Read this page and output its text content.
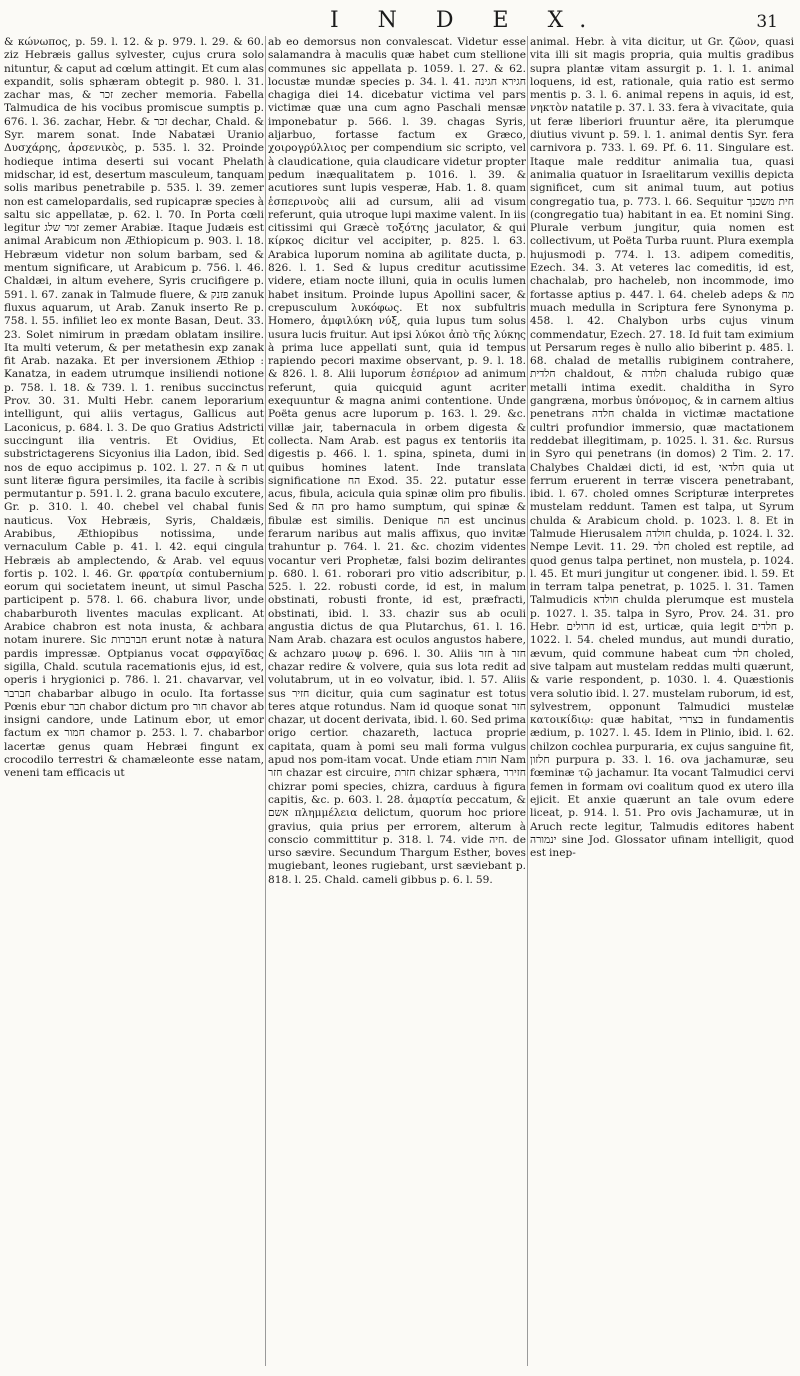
I N D E X.	31

& κώνωπος, p. 59. l. 12. & p. 979. l. 29. & 60. ziz Hebræis gallus sylvester, cujus crura solo nituntur, & caput ad cœlum attingit. Et cum alas expandit, solis sphæram obtegit p. 980. l. 31. zachar mas, & זכר zecher memoria. Fabella Talmudica de his vocibus promiscue sumptis p. 676. l. 36. zachar, Hebr. & זכר dechar, Chald. & Syr. marem sonat. Inde Nabatæi Uranio Δυσχάρης, ἀρσενικὸς, p. 535. l. 32. Proinde hodieque intima deserti sui vocant Phelath midschar, id est, desertum masculeum, tanquam solis maribus penetrabile p. 535. l. 39. zemer non est camelopardalis, sed rupicapræ species à saltu sic appellatæ, p. 62. l. 70. In Porta cœli legitur זמר שלג zemer Arabiæ. Itaque Judæis est animal Arabicum non Æthiopicum p. 903. l. 18. Hebræum videtur non solum barbam, sed & mentum significare, ut Arabicum p. 756. l. 46. Chaldæi, in altum evehere, Syris crucifigere p. 591. l. 67. zanak in Talmude fluere, & פזנק zanuk fluxus aquarum, ut Arab. Zanuk inserto Re p. 758. l. 55. infiliet leo ex monte Basan, Deut. 33. 23. Solet nimirum in prædam oblatam insilire. Ita multi veterum, & per metathesin exp zanak fit Arab. nazaka. Et per inversionem Æthiop : Kanatza, in eadem utrumque insiliendi notione p. 758. l. 18. & 739. l. 1. renibus succinctus Prov. 30. 31. Multi Hebr. canem leporarium intelligunt, qui aliis vertagus, Gallicus aut Laconicus, p. 684. l. 3. De quo Gratius Adstricti succingunt ilia ventris. Et Ovidius, Et substrictagerens Sicyonius ilia Ladon, ibid. Sed nos de equo accipimus p. 102. l. 27. ח & ה ut sunt literæ figura persimiles, ita facile à scribis permutantur p. 591. l. 2. grana baculo excutere, Gr. p. 310. l. 40. chebel vel chabal funis nauticus. Vox Hebræis, Syris, Chaldæis, Arabibus, Æthiopibus notissima, unde vernaculum Cable p. 41. l. 42. equi cingula Hebræis ab amplectendo, & Arab. vel equus fortis p. 102. l. 46. Gr. φρατρία contubernium eorum qui societatem ineunt, ut simul Pascha participent p. 578. l. 66. chabura livor, unde chabarburoth liventes maculas explicant. At Arabice chabron est nota inusta, & achbara notam inurere. Sic חברברות erunt notæ à natura pardis impressæ. Optpianus vocat σφραγῖδας sigilla, Chald. scutula racemationis ejus, id est, operis i hrygionici p. 786. l. 21. chavarvar, vel חברבר chabarbar albugo in oculo. Ita fortasse Pœnis ebur חבר chabor dictum pro חור chavor ab insigni candore, unde Latinum ebor, ut emor factum ex חמור chamor p. 253. l. 7. chabarbor lacertæ genus quam Hebræi fingunt ex crocodilo terrestri & chamæleonte esse natam, veneni tam efficacis ut

ab eo demorsus non convalescat. Videtur esse salamandra à maculis quæ habet cum stellione communes sic appellata p. 1059. l. 27. & 62. locustæ mundæ species p. 34. l. 41. חגירא חגינה chagiga diei 14. dicebatur victima vel pars victimæ quæ una cum agno Paschali mensæ imponebatur p. 566. l. 39. chagas Syris, aljarbuo, fortasse factum ex Græco, χοιρογρύλλιος per compendium sic scripto, vel à claudicatione, quia claudicare videtur propter pedum inæqualitatem p. 1016. l. 39. & acutiores sunt lupis vesperæ, Hab. 1. 8. quam ἑσπερινοὺς alii ad cursum, alii ad visum referunt, quia utroque lupi maxime valent. In iis citissimi qui Græcè τοξότης jaculator, & qui κίρκος dicitur vel accipiter, p. 825. l. 63. Arabica luporum nomina ab agilitate ducta, p. 826. l. 1. Sed & lupus creditur acutissime videre, etiam nocte illuni, quia in oculis lumen habet insitum. Proinde lupus Apollini sacer, & crepusculum λυκόφως. Et nox subfultris Homero, ἀμφιλύκη νύξ, quia lupus tum solus usura lucis fruitur. Aut ipsi λύκοι ἀπὸ τῆς λύκης à prima luce appellati sunt, quia id tempus rapiendo pecori maxime observant, p. 9. l. 18. & 826. l. 8. Alii luporum ἐσπέριον ad animum referunt, quia quicquid agunt acriter exequuntur & magna animi contentione. Unde Poëta genus acre luporum p. 163. l. 29. &c. villæ jair, tabernacula in orbem digesta & collecta. Nam Arab. est pagus ex tentoriis ita digestis p. 466. l. 1. spina, spineta, dumi in quibus homines latent. Inde translata significatione הח Exod. 35. 22. putatur esse acus, fibula, acicula quia spinæ olim pro fibulis. Sed & הח pro hamo sumptum, qui spinæ & fibulæ est similis. Denique הח est uncinus ferarum naribus aut malis affixus, quo invitæ trahuntur p. 764. l. 21. &c. chozim videntes vocantur veri Prophetæ, falsi bozim delirantes p. 680. l. 61. roborari pro vitio adscribitur, p. 525. l. 22. robusti corde, id est, in malum obstinati, robusti fronte, id est, præfracti, obstinati, ibid. l. 33. chazir sus ab oculi angustia dictus de qua Plutarchus, 61. l. 16. Nam Arab. chazara est oculos angustos habere, & achzaro μυωψ p. 696. l. 30. Aliis חזר à חזר chazar redire & volvere, quia sus lota redit ad volutabrum, ut in eo volvatur, ibid. l. 57. Aliis sus חזיר dicitur, quia cum saginatur est totus teres atque rotundus. Nam id quoque sonat חזר chazar, ut docent derivata, ibid. l. 60. Sed prima origo certior. chazareth, lactuca proprie capitata, quam à pomi seu mali forma vulgus apud nos pom-itam vocat. Unde etiam חזרת Nam חזר chazar est circuire, חזרת chizar sphæra, חזירר chizrar pomi species, chizra, carduus à figura capitis, &c. p. 603. l. 28. ἁμαρτία peccatum, & אשם πλημμέλεια delictum, quorum hoc priore gravius, quia prius per errorem, alterum à conscio committitur p. 318. l. 74. vide חיה. de urso sævire. Secundum Thargum Esther, boves mugiebant, leones rugiebant, urst sæviebant p. 818. l. 25. Chald. cameli gibbus p. 6. l. 59.

animal. Hebr. à vita dicitur, ut Gr. ζῶον, quasi vita illi sit magis propria, quia multis gradibus supra plantæ vitam assurgit p. 1. l. 1. animal loquens, id est, rationale, quia ratio est sermo mentis p. 3. l. 6. animal repens in aquis, id est, νηκτὸν natatile p. 37. l. 33. fera à vivacitate, quia ut feræ liberiori fruuntur aëre, ita plerumque diutius vivunt p. 59. l. 1. animal dentis Syr. fera carnivora p. 733. l. 69. Pf. 6. 11. Singulare est. Itaque male redditur animalia tua, quasi animalia quatuor in Israelitarum vexillis depicta significet, cum sit animal tuum, aut potius congregatio tua, p. 773. l. 66. Sequitur חית משכנך (congregatio tua) habitant in ea. Et nomini Sing. Plurale verbum jungitur, quia nomen est collectivum, ut Poëta Turba ruunt. Plura exempla hujusmodi p. 774. l. 13. adipem comeditis, Ezech. 34. 3. At veteres lac comeditis, id est, chachalab, pro hacheleb, non incommode, imo fortasse aptius p. 447. l. 64. cheleb adeps & מח muach medulla in Scriptura fere Synonyma p. 458. l. 42. Chalybon urbs cujus vinum commendatur, Ezech. 27. 18. Id fuit tam eximium ut Persarum reges è nullo alio biberint p. 485. l. 68. chalad de metallis rubiginem contrahere, חלדית chaldout, & חלודה chaluda rubigo quæ metalli intima exedit. chalditha in Syro gangræna, morbus ὑπόνομος, & in carnem altius penetrans חלדה chalda in victimæ mactatione cultri profundior immersio, quæ mactationem reddebat illegitimam, p. 1025. l. 31. &c. Rursus in Syro qui penetrans (in domos) 2 Tim. 2. 17. Chalybes Chaldæi dicti, id est, חלדאי quia ut ferrum eruerent in terræ viscera penetrabant, ibid. l. 67. choled omnes Scripturæ interpretes mustelam reddunt. Tamen est talpa, ut Syrum chulda & Arabicum chold. p. 1023. l. 8. Et in Talmude Hierusalem חולדה chulda, p. 1024. l. 32. Nempe Levit. 11. 29. חלד choled est reptile, ad quod genus talpa pertinet, non mustela, p. 1024. l. 45. Et muri jungitur ut congener. ibid. l. 59. Et in terram talpa penetrat, p. 1025. l. 31. Tamen Talmudicis חולדא chulda plerumque est mustela p. 1027. l. 35. talpa in Syro, Prov. 24. 31. pro Hebr. חרולים id est, urticæ, quia legit חלדים p. 1022. l. 54. cheled mundus, aut mundi duratio, ævum, quid commune habeat cum חלד choled, sive talpam aut mustelam reddas multi quærunt, & varie respondent, p. 1030. l. 4. Quæstionis vera solutio ibid. l. 27. mustelam ruborum, id est, sylvestrem, opponunt Talmudici mustelæ κατοικίδιῳ: quæ habitat, בצררי in fundamentis ædium, p. 1027. l. 45. Idem in Plinio, ibid. l. 62. chilzon cochlea purpuraria, ex cujus sanguine fit, חלזון purpura p. 33. l. 16. ova jachamuræ, seu fœminæ τῷ jachamur. Ita vocant Talmudici cervi femen in formam ovi coalitum quod ex utero illa ejicit. Et anxie quærunt an tale ovum edere liceat, p. 914. l. 51. Pro ovis Jachamuræ, ut in Aruch recte legitur, Talmudis editores habent ינמורה sine Jod. Glossator ufinam intelligit, quod est inep-
